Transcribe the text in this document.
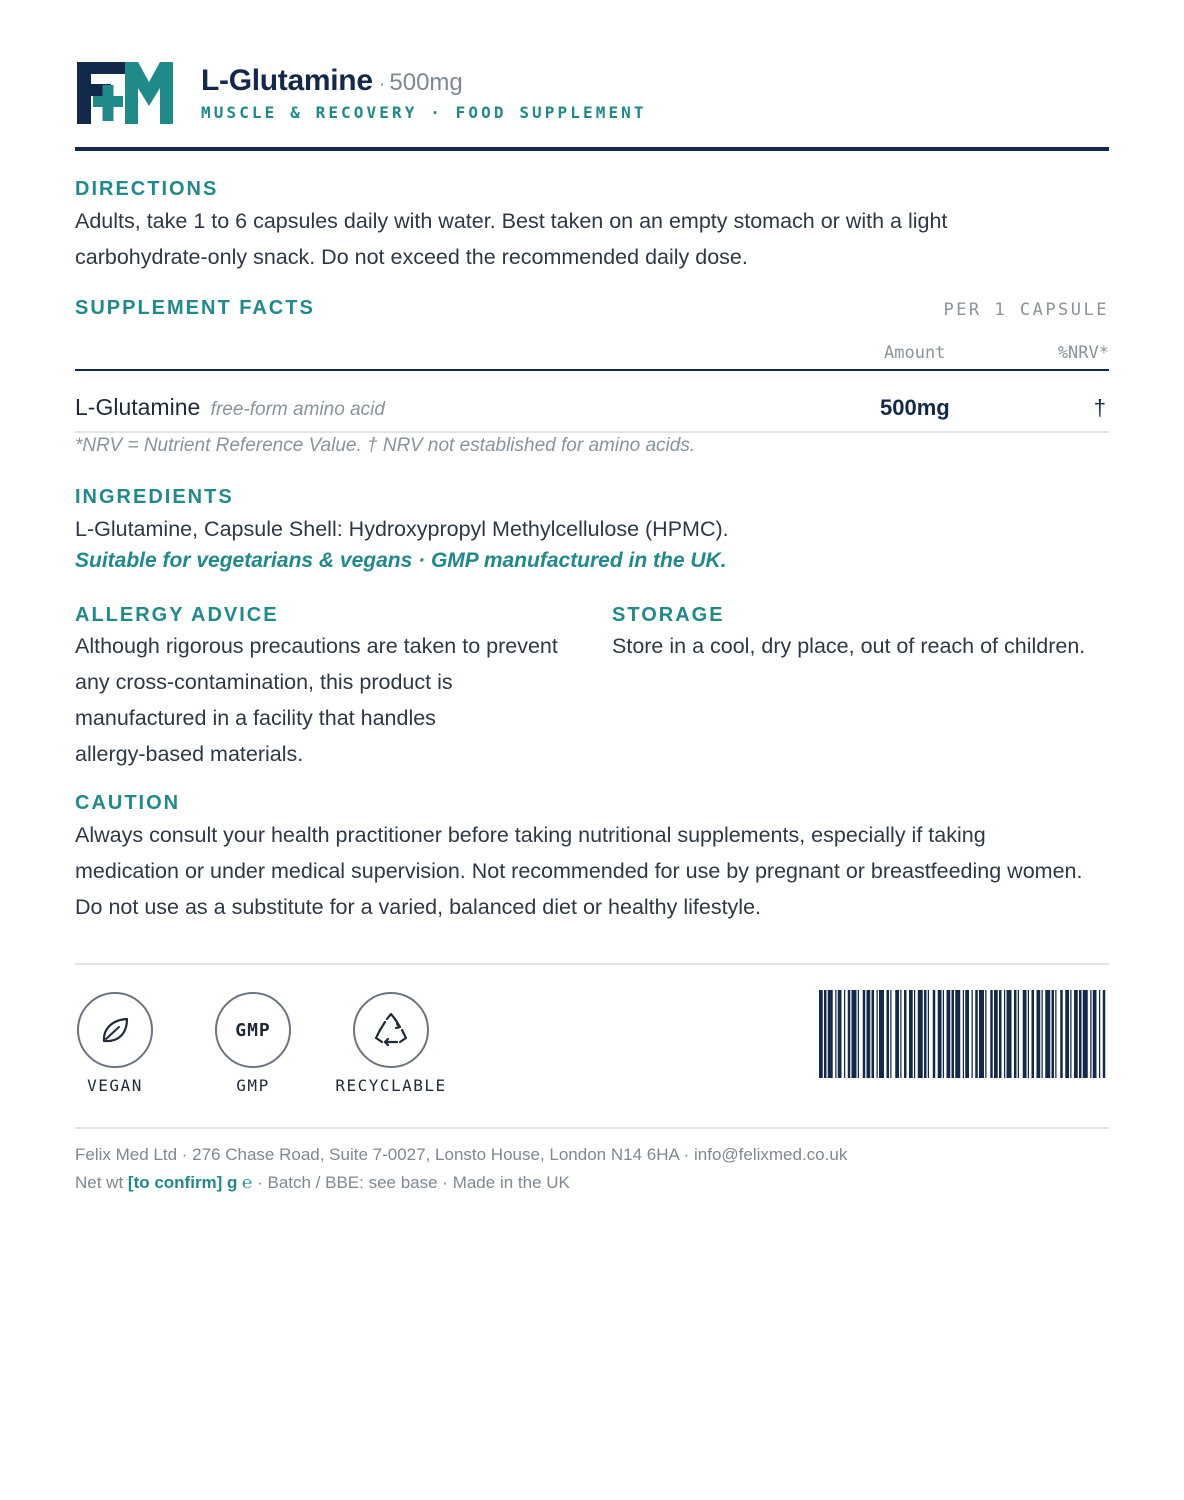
L-Glutamine · 500mg
MUSCLE & RECOVERY · FOOD SUPPLEMENT
DIRECTIONS
Adults, take 1 to 6 capsules daily with water. Best taken on an empty stomach or with a light
carbohydrate-only snack. Do not exceed the recommended daily dose.
SUPPLEMENT FACTS	PER 1 CAPSULE
Amount	%NRV*
L-Glutamine free-form amino acid	500mg	†
*NRV = Nutrient Reference Value. † NRV not established for amino acids.
INGREDIENTS
L-Glutamine, Capsule Shell: Hydroxypropyl Methylcellulose (HPMC).
Suitable for vegetarians & vegans · GMP manufactured in the UK.
ALLERGY ADVICE
Although rigorous precautions are taken to prevent
any cross-contamination, this product is
manufactured in a facility that handles
allergy-based materials.
STORAGE
Store in a cool, dry place, out of reach of children.
CAUTION
Always consult your health practitioner before taking nutritional supplements, especially if taking
medication or under medical supervision. Not recommended for use by pregnant or breastfeeding women.
Do not use as a substitute for a varied, balanced diet or healthy lifestyle.
VEGAN
GMP
GMP	RECYCLABLE
Felix Med Ltd · 276 Chase Road, Suite 7-0027, Lonsto House, London N14 6HA · info@felixmed.co.uk
Net wt [to confirm] g ℮ · Batch / BBE: see base · Made in the UK
